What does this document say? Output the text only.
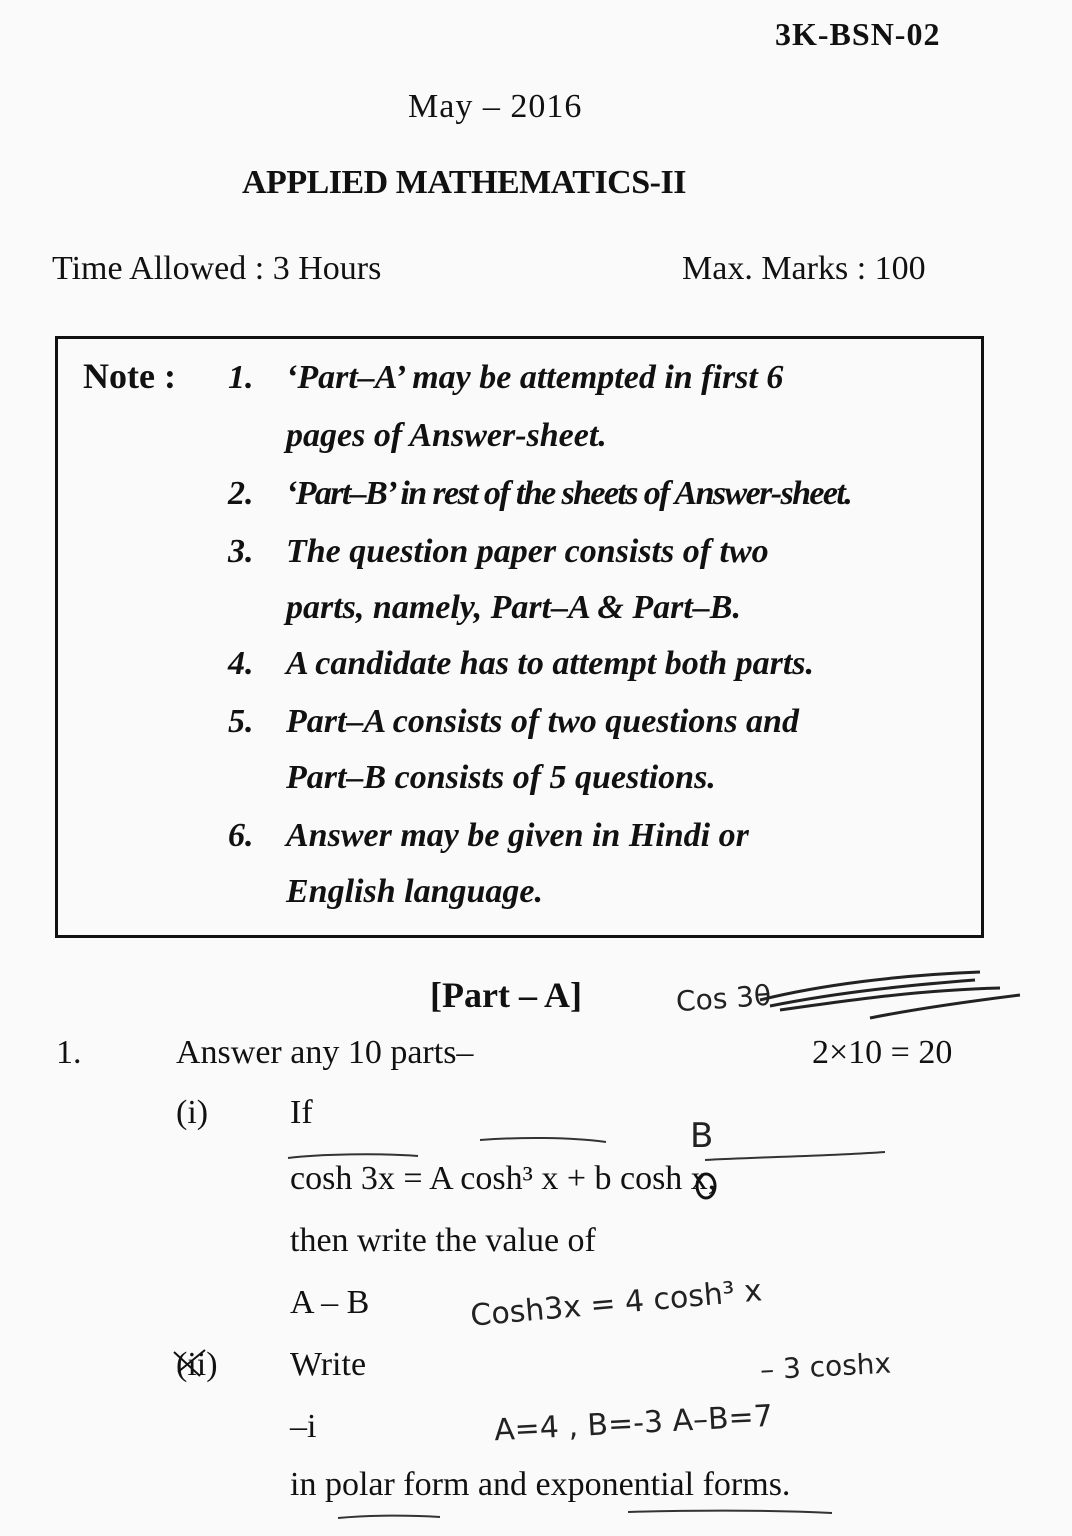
3K-BSN-02
May – 2016
APPLIED MATHEMATICS-II
Time Allowed : 3 Hours	Max. Marks : 100
Note : 1. ‘Part–A’ may be attempted in first 6
pages of Answer-sheet.
2. ‘Part–B’ in rest of the sheets of Answer-sheet.
3. The question paper consists of two
parts, namely, Part–A & Part–B.
4. A candidate has to attempt both parts.
5. Part–A consists of two questions and
Part–B consists of 5 questions.
6. Answer may be given in Hindi or
English language.
[Part – A]
1.	Answer any 10 parts–	2×10 = 20
(i) If
cosh 3x = A cosh³ x + b cosh x,
then write the value of
A – B
(ii) Write
–i
in polar form and exponential forms.
Cos 3θ
B
Cosh3x = 4 cosh³ x
– 3 coshx
A=4 , B=-3 A–B=7
